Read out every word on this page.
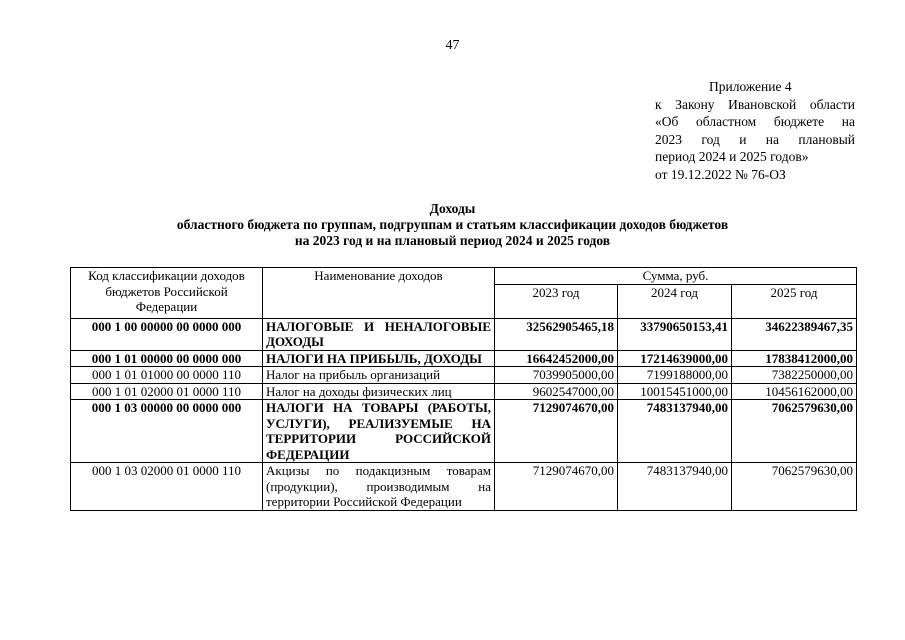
47
Приложение 4
к Закону Ивановской области
«Об областном бюджете на
2023 год и на плановый
период 2024 и 2025 годов»
от 19.12.2022 № 76-ОЗ
Доходы
областного бюджета по группам, подгруппам и статьям классификации доходов бюджетов
на 2023 год и на плановый период 2024 и 2025 годов
Код классификации доходов бюджетов Российской Федерации	Наименование доходов	Сумма, руб.		
		2023 год	2024 год	2025 год
000 1 00 00000 00 0000 000	НАЛОГОВЫЕ И НЕНАЛОГОВЫЕ ДОХОДЫ	32562905465,18	33790650153,41	34622389467,35
000 1 01 00000 00 0000 000	НАЛОГИ НА ПРИБЫЛЬ, ДОХОДЫ	16642452000,00	17214639000,00	17838412000,00
000 1 01 01000 00 0000 110	Налог на прибыль организаций	7039905000,00	7199188000,00	7382250000,00
000 1 01 02000 01 0000 110	Налог на доходы физических лиц	9602547000,00	10015451000,00	10456162000,00
000 1 03 00000 00 0000 000	НАЛОГИ НА ТОВАРЫ (РАБОТЫ, УСЛУГИ), РЕАЛИЗУЕМЫЕ НА ТЕРРИТОРИИ РОССИЙСКОЙ ФЕДЕРАЦИИ	7129074670,00	7483137940,00	7062579630,00
000 1 03 02000 01 0000 110	Акцизы по подакцизным товарам (продукции), производимым на территории Российской Федерации	7129074670,00	7483137940,00	7062579630,00
